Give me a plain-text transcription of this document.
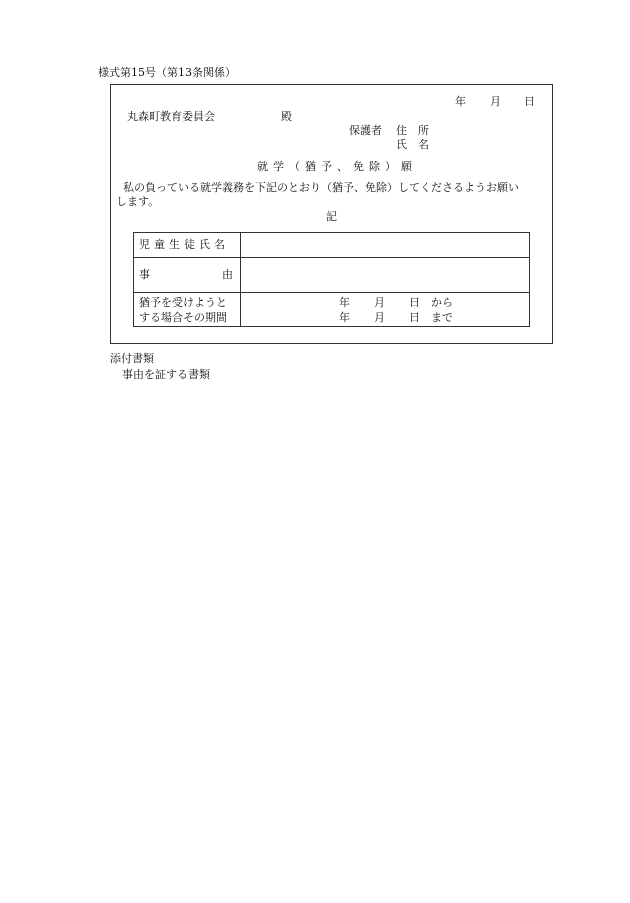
様式第15号（第13条関係）
年 月 日
丸森町教育委員会	殿
保護者 住　所
氏　名
就学（猶予、免除）願
私の負っている就学義務を下記のとおり（猶予、免除）してくださるようお願い
します。
記
児童生徒氏名
事	由
猶予を受けようと
する場合その期間
年 月 日 から
年 月 日 まで
添付書類
事由を証する書類
